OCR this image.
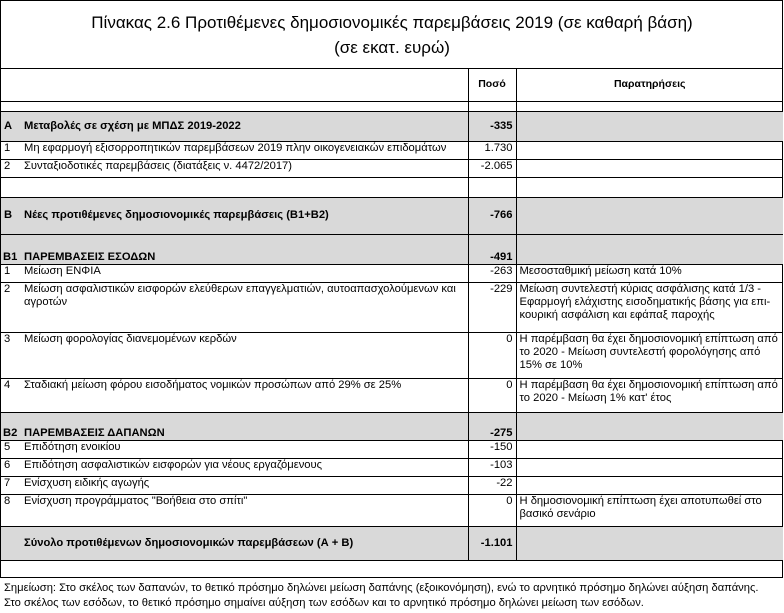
Πίνακας 2.6 Προτιθέμενες δημοσιονομικές παρεμβάσεις 2019 (σε καθαρή βάση)
(σε εκατ. ευρώ)
		Ποσό	Παρατηρήσεις

Α	Μεταβολές σε σχέση με ΜΠΔΣ 2019-2022	-335	
1	Μη εφαρμογή εξισορροπητικών παρεμβάσεων 2019 πλην οικογενειακών επιδομάτων	1.730	
2	Συνταξιοδοτικές παρεμβάσεις (διατάξεις ν. 4472/2017)	-2.065	

Β	Νέες προτιθέμενες δημοσιονομικές παρεμβάσεις (Β1+Β2)	-766	
Β1	ΠΑΡΕΜΒΑΣΕΙΣ ΕΣΟΔΩΝ	-491	
1	Μείωση ΕΝΦΙΑ	-263	Μεσοσταθμική μείωση κατά 10%
2	Μείωση ασφαλιστικών εισφορών ελεύθερων επαγγελματιών, αυτοαπασχολούμενων και αγροτών	-229	Μείωση συντελεστή κύριας ασφάλισης κατά 1/3 - Εφαρμογή ελάχιστης εισοδηματικής βάσης για επι-κουρική ασφάλιση και εφάπαξ παροχής
3	Μείωση φορολογίας διανεμομένων κερδών	0	Η παρέμβαση θα έχει δημοσιονομική επίπτωση από το 2020 - Μείωση συντελεστή φορολόγησης από 15% σε 10%
4	Σταδιακή μείωση φόρου εισοδήματος νομικών προσώπων από 29% σε 25%	0	Η παρέμβαση θα έχει δημοσιονομική επίπτωση από το 2020 - Μείωση 1% κατ' έτος
Β2	ΠΑΡΕΜΒΑΣΕΙΣ ΔΑΠΑΝΩΝ	-275	
5	Επιδότηση ενοικίου	-150	
6	Επιδότηση ασφαλιστικών εισφορών για νέους εργαζόμενους	-103	
7	Ενίσχυση ειδικής αγωγής	-22	
8	Ενίσχυση προγράμματος "Βοήθεια στο σπίτι"	0	Η δημοσιονομική επίπτωση έχει αποτυπωθεί στο βασικό σενάριο
	Σύνολο προτιθέμενων δημοσιονομικών παρεμβάσεων (Α + Β)	-1.101	
Σημείωση: Στο σκέλος των δαπανών, το θετικό πρόσημο δηλώνει μείωση δαπάνης (εξοικονόμηση), ενώ το αρνητικό πρόσημο δηλώνει αύξηση δαπάνης.
Στο σκέλος των εσόδων, το θετικό πρόσημο σημαίνει αύξηση των εσόδων και το αρνητικό πρόσημο δηλώνει μείωση των εσόδων.
